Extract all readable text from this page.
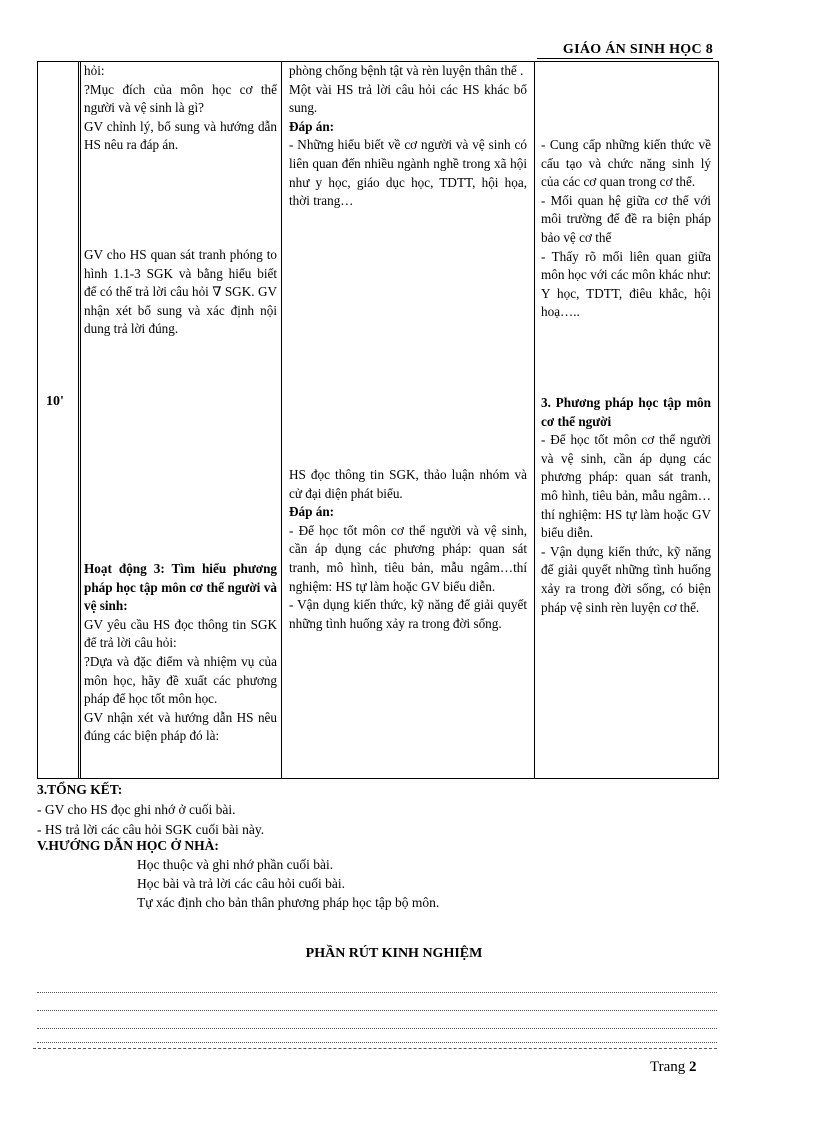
GIÁO ÁN SINH HỌC 8
10'

hỏi:

?Mục đích của môn học cơ thể người và vệ sinh là gì?

GV chỉnh lý, bổ sung và hướng dẫn HS nêu ra đáp án.

GV cho HS quan sát tranh phóng to hình 1.1-3 SGK và bằng hiểu biết để có thể trả lời câu hỏi ∇ SGK. GV nhận xét bổ sung và xác định nội dung trả lời đúng.

Hoạt động 3: Tìm hiểu phương pháp học tập môn cơ thể người và vệ sinh:

GV yêu cầu HS đọc thông tin SGK để trả lời câu hỏi:

?Dựa và đặc điểm và nhiệm vụ của môn học, hãy đề xuất các phương pháp để học tốt môn học.

GV nhận xét và hướng dẫn HS nêu đúng các biện pháp đó là:

phòng chống bệnh tật và rèn luyện thân thể .

Một vài HS trả lời câu hỏi các HS khác bổ sung.

Đáp án:

- Những hiểu biết về cơ người và vệ sinh có liên quan đến nhiều ngành nghề trong xã hội như y học, giáo dục học, TDTT, hội họa, thời trang…

HS đọc thông tin SGK, thảo luận nhóm và cử đại diện phát biểu.

Đáp án:

- Để học tốt môn cơ thể người và vệ sinh, cần áp dụng các phương pháp: quan sát tranh, mô hình, tiêu bản, mẫu ngâm…thí nghiệm: HS tự làm hoặc GV biểu diễn.

- Vận dụng kiến thức, kỹ năng để giải quyết những tình huống xảy ra trong đời sống.

- Cung cấp những kiến thức về cấu tạo và chức năng sinh lý của các cơ quan trong cơ thể.

- Mối quan hệ giữa cơ thể với môi trường để đề ra biện pháp bảo vệ cơ thể

- Thấy rõ mối liên quan giữa môn học với các môn khác như: Y học, TDTT, điêu khắc, hội hoạ…..

3. Phương pháp học tập môn cơ thể người

- Để học tốt môn cơ thể người và vệ sinh, cần áp dụng các phương pháp: quan sát tranh, mô hình, tiêu bản, mẫu ngâm…thí nghiệm: HS tự làm hoặc GV biểu diễn.

- Vận dụng kiến thức, kỹ năng để giải quyết những tình huống xảy ra trong đời sống, có biện pháp vệ sinh rèn luyện cơ thể.

3.TỔNG KẾT:

- GV cho HS đọc ghi nhớ ở cuối bài.

- HS trả lời các câu hỏi SGK cuối bài này.

V.HƯỚNG DẪN HỌC Ở NHÀ:

Học thuộc và ghi nhớ phần cuối bài.

Học bài và trả lời các câu hỏi cuối bài.

Tự xác định cho bản thân phương pháp học tập bộ môn.

PHẦN RÚT KINH NGHIỆM
Trang 2
